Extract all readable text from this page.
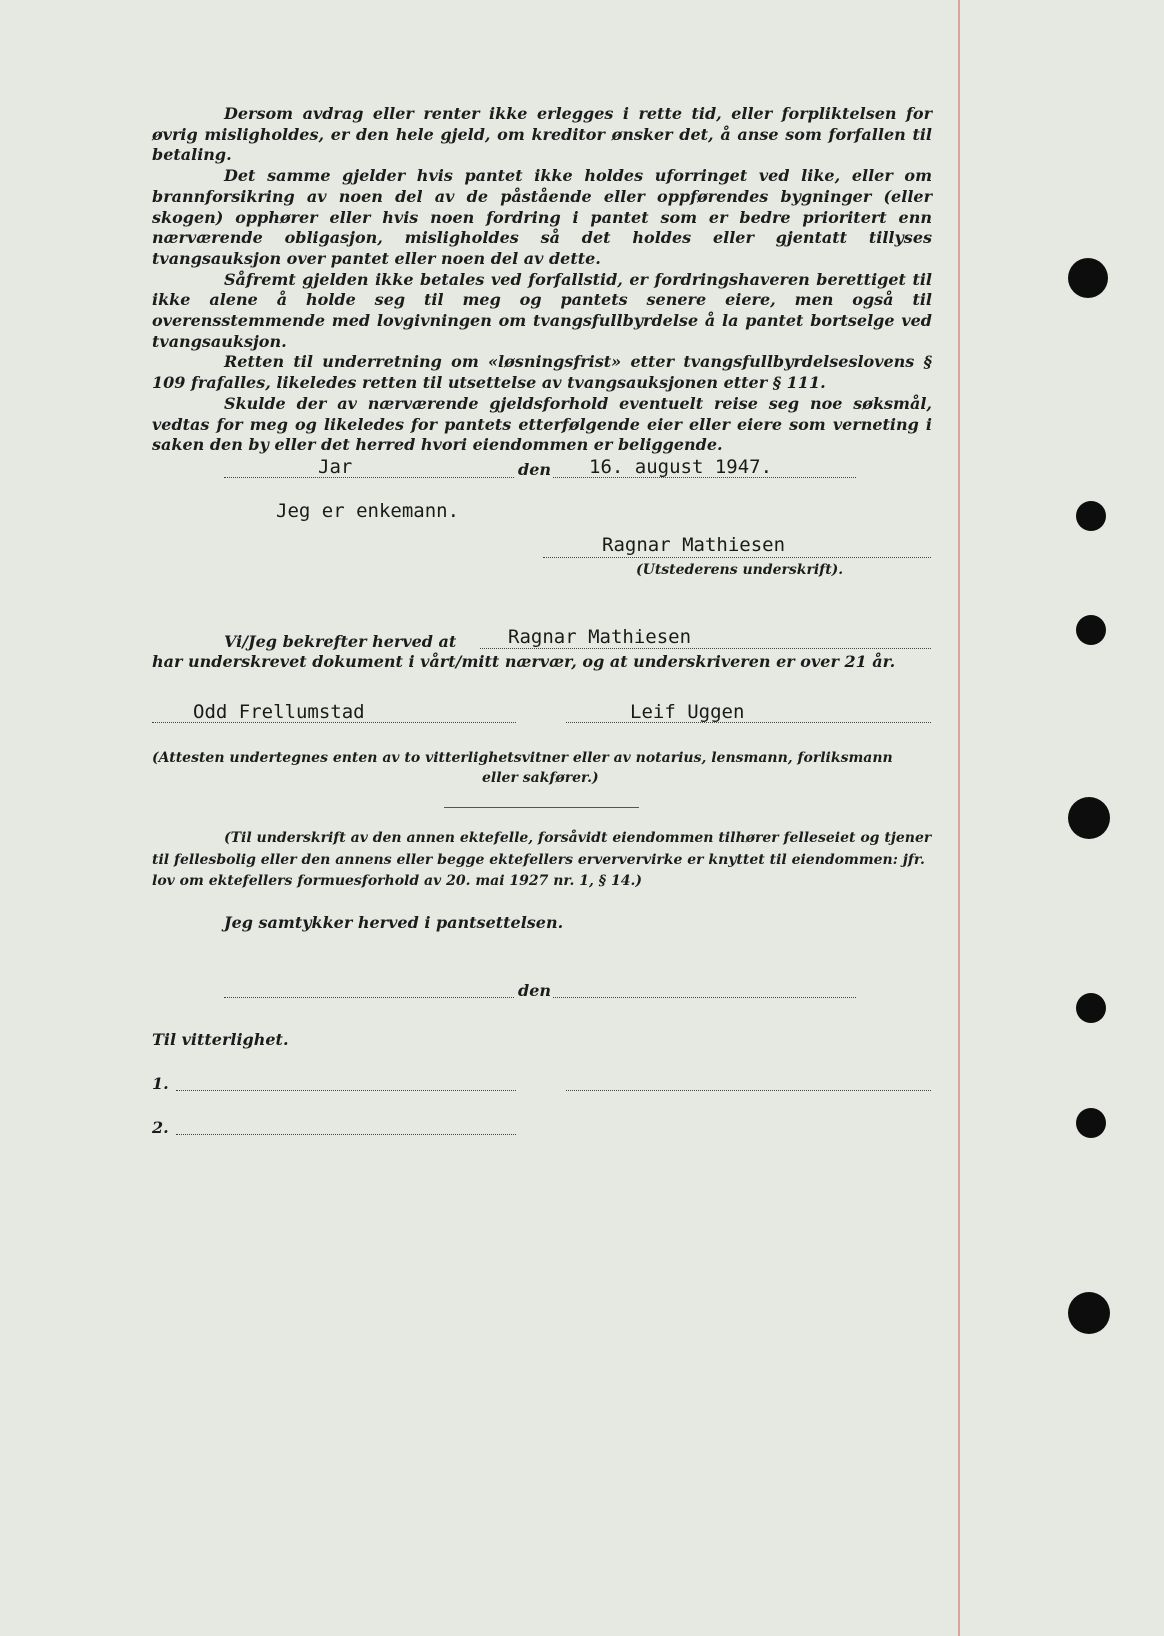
Dersom avdrag eller renter ikke erlegges i rette tid, eller forpliktelsen for øvrig misligholdes, er den hele gjeld, om kreditor ønsker det, å anse som forfallen til betaling.
Det samme gjelder hvis pantet ikke holdes uforringet ved like, eller om brannforsikring av noen del av de påstående eller oppførendes bygninger (eller skogen) opphører eller hvis noen fordring i pantet som er bedre prioritert enn nærværende obligasjon, misligholdes så det holdes eller gjentatt tillyses tvangsauksjon over pantet eller noen del av dette.
Såfremt gjelden ikke betales ved forfallstid, er fordringshaveren berettiget til ikke alene å holde seg til meg og pantets senere eiere, men også til overensstemmende med lovgivningen om tvangsfullbyrdelse å la pantet bortselge ved tvangsauksjon.
Retten til underretning om «løsningsfrist» etter tvangsfullbyrdelseslovens § 109 frafalles, likeledes retten til utsettelse av tvangsauksjonen etter § 111.
Skulde der av nærværende gjeldsforhold eventuelt reise seg noe søksmål, vedtas for meg og likeledes for pantets etterfølgende eier eller eiere som verneting i saken den by eller det herred hvori eiendommen er beliggende.
Jar	den 16. august 1947.
Jeg er enkemann.
Ragnar Mathiesen
(Utstederens underskrift).
Vi/Jeg bekrefter herved at	Ragnar Mathiesen
har underskrevet dokument i vårt/mitt nærvær, og at underskriveren er over 21 år.
Odd Frellumstad	Leif Uggen
(Attesten undertegnes enten av to vitterlighetsvitner eller av notarius, lensmann, forliksmann
eller sakfører.)
(Til underskrift av den annen ektefelle, forsåvidt eiendommen tilhører felleseiet og tjener
til fellesbolig eller den annens eller begge ektefellers erververvirke er knyttet til eiendommen: jfr.
lov om ektefellers formuesforhold av 20. mai 1927 nr. 1, § 14.)
Jeg samtykker herved i pantsettelsen.
den
Til vitterlighet.
1.
2.
